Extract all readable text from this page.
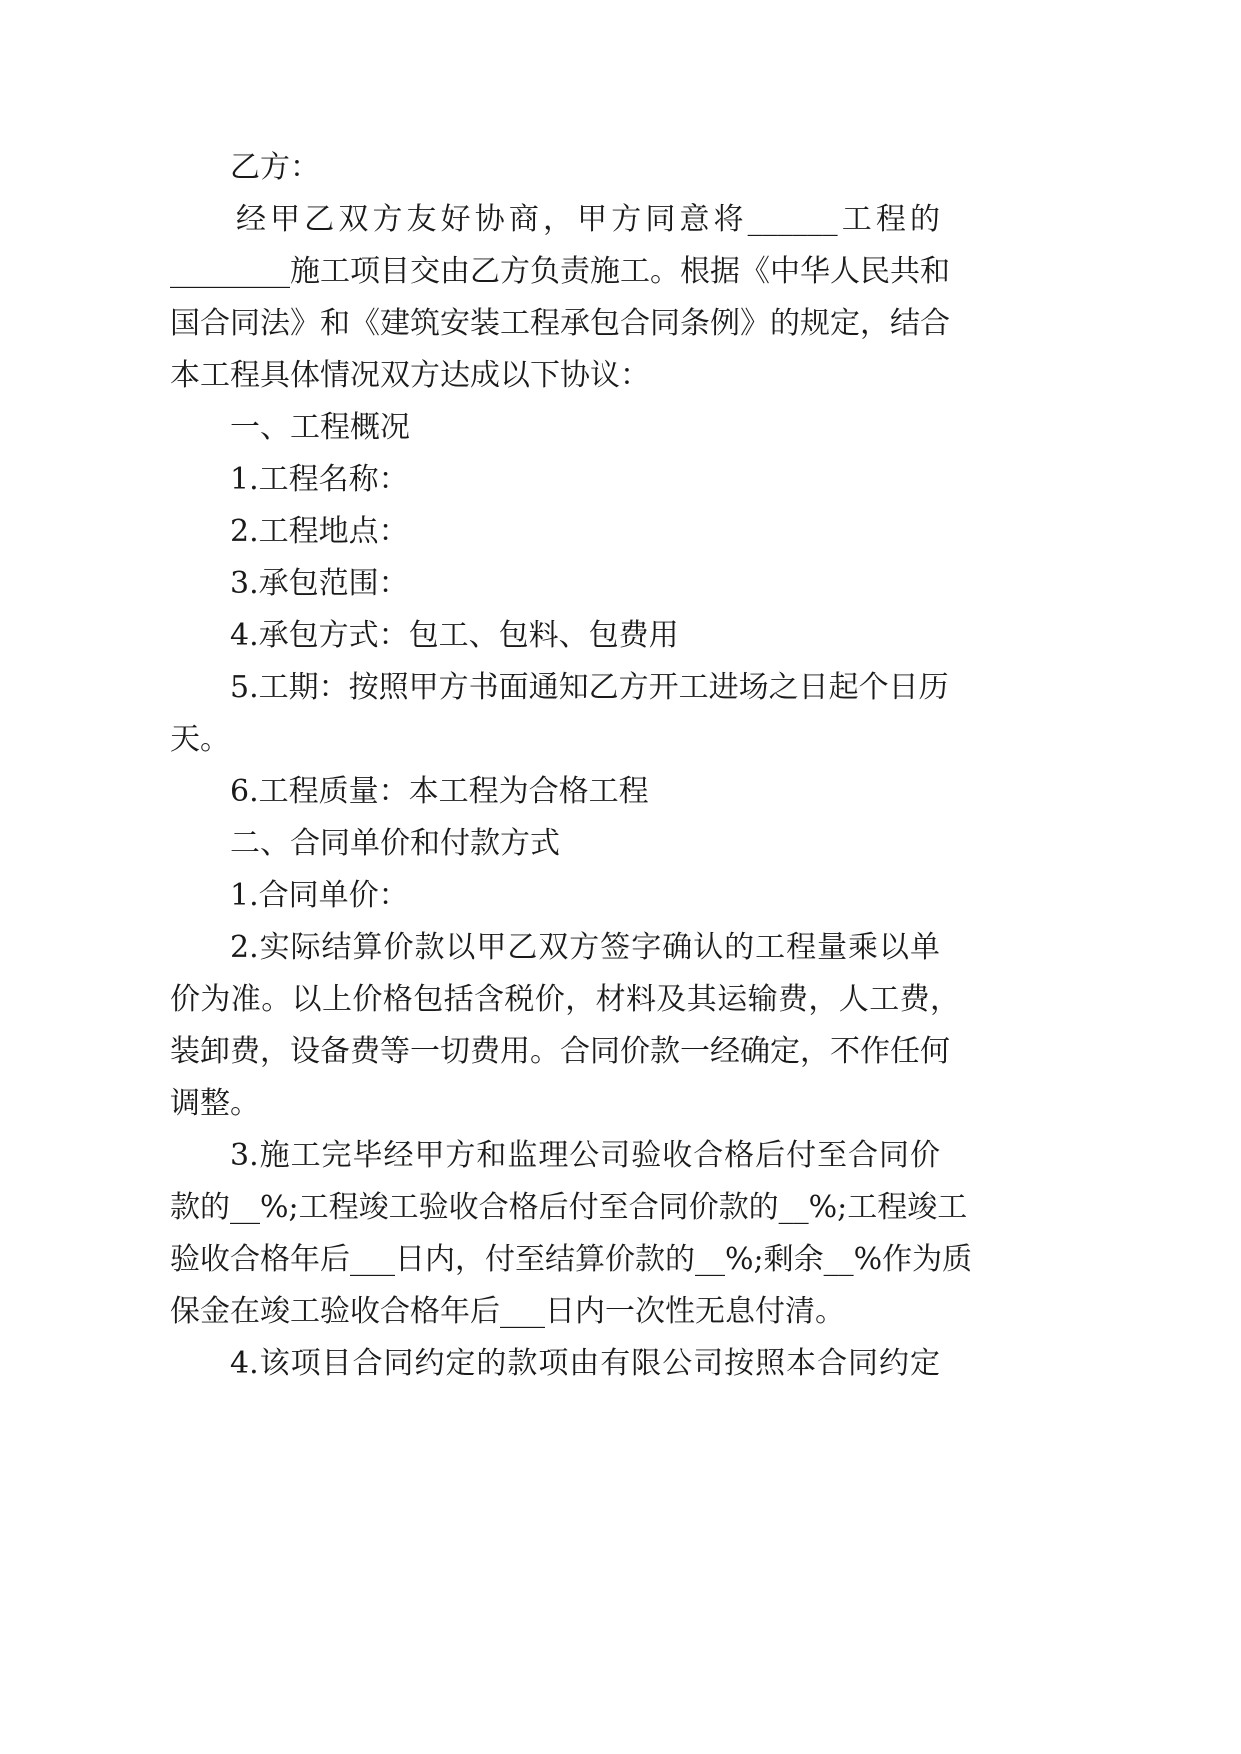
乙方：
经甲乙双方友好协商，甲方同意将______工程的
________施工项目交由乙方负责施工。根据《中华人民共和
国合同法》和《建筑安装工程承包合同条例》的规定，结合
本工程具体情况双方达成以下协议：
一、工程概况
1.工程名称：
2.工程地点：
3.承包范围：
4.承包方式：包工、包料、包费用
5.工期：按照甲方书面通知乙方开工进场之日起个日历
天。
6.工程质量：本工程为合格工程
二、合同单价和付款方式
1.合同单价：
2.实际结算价款以甲乙双方签字确认的工程量乘以单
价为准。以上价格包括含税价，材料及其运输费，人工费，
装卸费，设备费等一切费用。合同价款一经确定，不作任何
调整。
3.施工完毕经甲方和监理公司验收合格后付至合同价
款的__%;工程竣工验收合格后付至合同价款的__%;工程竣工
验收合格年后___日内，付至结算价款的__%;剩余__%作为质
保金在竣工验收合格年后___日内一次性无息付清。
4.该项目合同约定的款项由有限公司按照本合同约定
